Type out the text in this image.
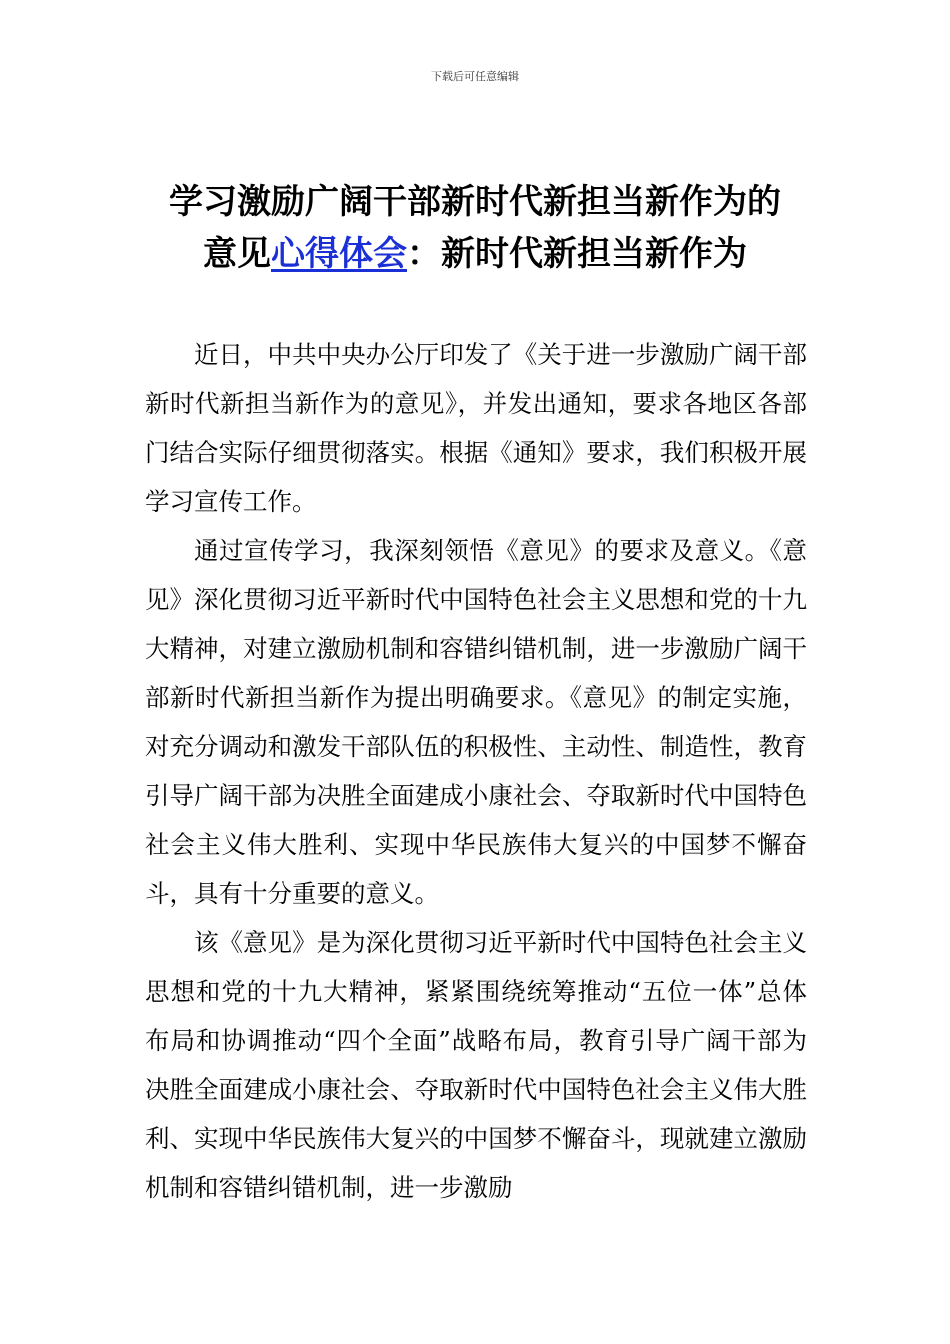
下载后可任意编辑
学习激励广阔干部新时代新担当新作为的
意见心得体会：新时代新担当新作为

近日，中共中央办公厅印发了《关于进一步激励广阔干部新时代新担当新作为的意见》，并发出通知，要求各地区各部门结合实际仔细贯彻落实。根据《通知》要求，我们积极开展学习宣传工作。

通过宣传学习，我深刻领悟《意见》的要求及意义。《意见》深化贯彻习近平新时代中国特色社会主义思想和党的十九大精神，对建立激励机制和容错纠错机制，进一步激励广阔干部新时代新担当新作为提出明确要求。《意见》的制定实施，对充分调动和激发干部队伍的积极性、主动性、制造性，教育引导广阔干部为决胜全面建成小康社会、夺取新时代中国特色社会主义伟大胜利、实现中华民族伟大复兴的中国梦不懈奋斗，具有十分重要的意义。

该《意见》是为深化贯彻习近平新时代中国特色社会主义思想和党的十九大精神，紧紧围绕统筹推动“五位一体”总体布局和协调推动“四个全面”战略布局，教育引导广阔干部为决胜全面建成小康社会、夺取新时代中国特色社会主义伟大胜利、实现中华民族伟大复兴的中国梦不懈奋斗，现就建立激励机制和容错纠错机制，进一步激励
